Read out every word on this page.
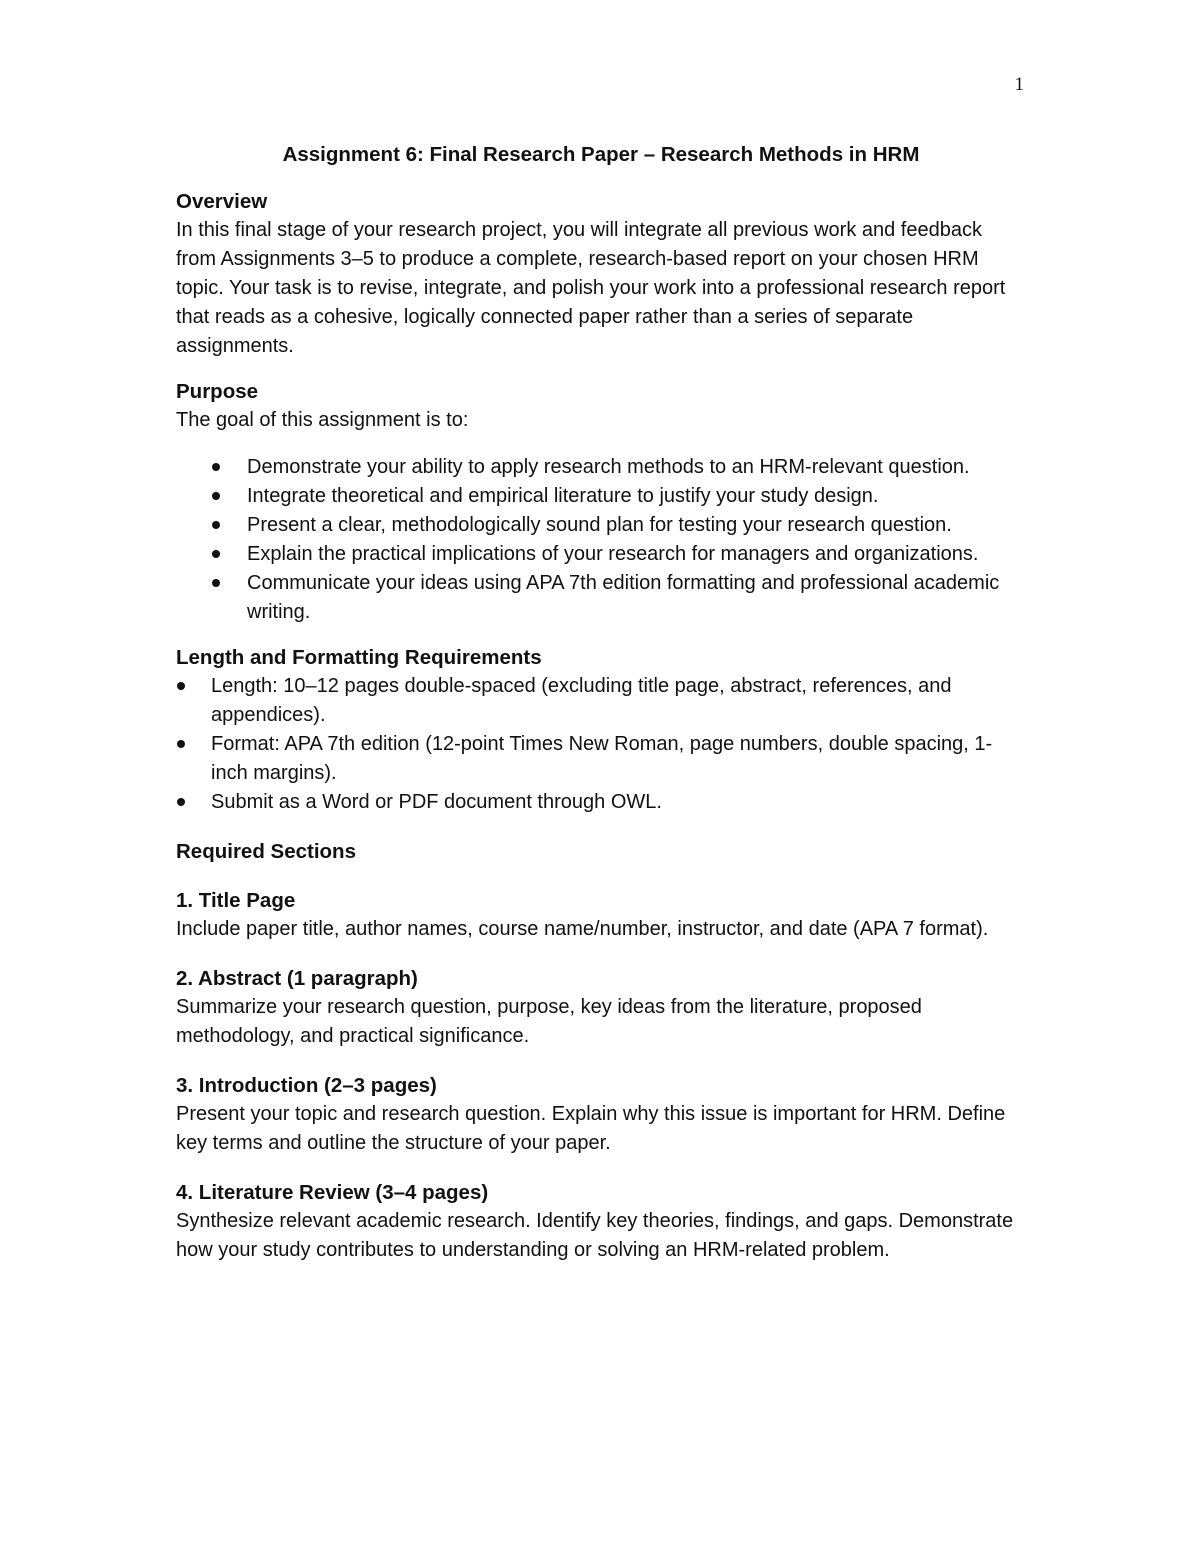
1
Assignment 6: Final Research Paper – Research Methods in HRM
Overview

In this final stage of your research project, you will integrate all previous work and feedback from Assignments 3–5 to produce a complete, research-based report on your chosen HRM topic. Your task is to revise, integrate, and polish your work into a professional research report that reads as a cohesive, logically connected paper rather than a series of separate assignments.

Purpose

The goal of this assignment is to:

Demonstrate your ability to apply research methods to an HRM-relevant question.
Integrate theoretical and empirical literature to justify your study design.
Present a clear, methodologically sound plan for testing your research question.
Explain the practical implications of your research for managers and organizations.
Communicate your ideas using APA 7th edition formatting and professional academic writing.
Length and Formatting Requirements
Length: 10–12 pages double-spaced (excluding title page, abstract, references, and appendices).
Format: APA 7th edition (12-point Times New Roman, page numbers, double spacing, 1-inch margins).
Submit as a Word or PDF document through OWL.
Required Sections
1. Title Page

Include paper title, author names, course name/number, instructor, and date (APA 7 format).

2. Abstract (1 paragraph)

Summarize your research question, purpose, key ideas from the literature, proposed methodology, and practical significance.

3. Introduction (2–3 pages)

Present your topic and research question. Explain why this issue is important for HRM. Define key terms and outline the structure of your paper.

4. Literature Review (3–4 pages)

Synthesize relevant academic research. Identify key theories, findings, and gaps. Demonstrate how your study contributes to understanding or solving an HRM-related problem.
